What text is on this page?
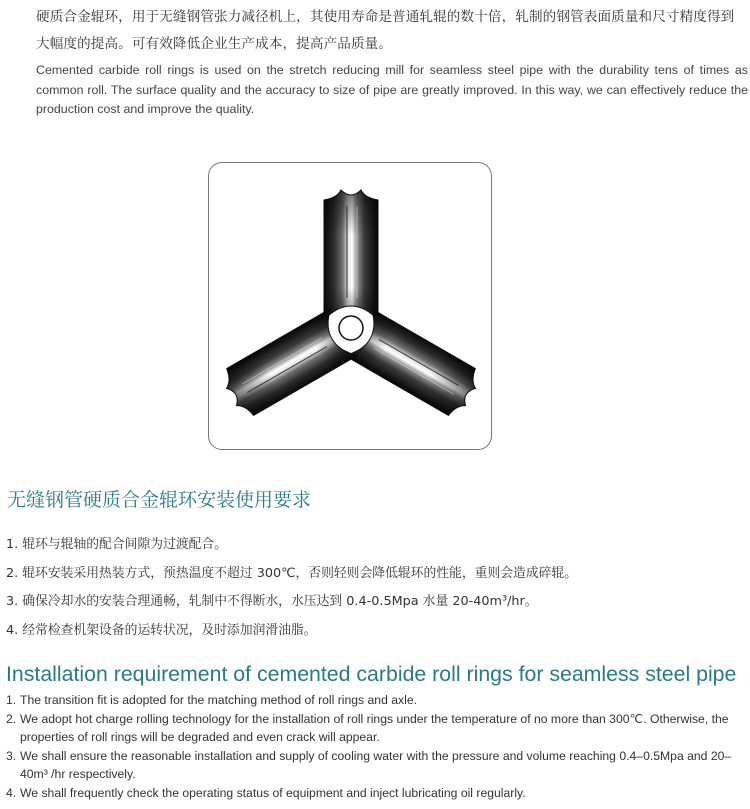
硬质合金辊环，用于无缝钢管张力减径机上，其使用寿命是普通轧辊的数十倍，轧制的钢管表面质量和尺寸精度得到大幅度的提高。可有效降低企业生产成本，提高产品质量。
Cemented carbide roll rings is used on the stretch reducing mill for seamless steel pipe with the durability tens of times as common roll. The surface quality and the accuracy to size of pipe are greatly improved. In this way, we can effectively reduce the production cost and improve the quality.
无缝钢管硬质合金辊环安装使用要求
1. 辊环与辊轴的配合间隙为过渡配合。
2. 辊环安装采用热装方式，预热温度不超过 300℃，否则轻则会降低辊环的性能，重则会造成碎辊。
3. 确保冷却水的安装合理通畅，轧制中不得断水，水压达到 0.4-0.5Mpa 水量 20-40m³/hr。
4. 经常检查机架设备的运转状况，及时添加润滑油脂。
Installation requirement of cemented carbide roll rings for seamless steel pipe
1. The transition fit is adopted for the matching method of roll rings and axle.
2. We adopt hot charge rolling technology for the installation of roll rings under the temperature of no more than 300℃. Otherwise, the properties of roll rings will be degraded and even crack will appear.
3. We shall ensure the reasonable installation and supply of cooling water with the pressure and volume reaching 0.4–0.5Mpa and 20–40m³ /hr respectively.
4. We shall frequently check the operating status of equipment and inject lubricating oil regularly.
